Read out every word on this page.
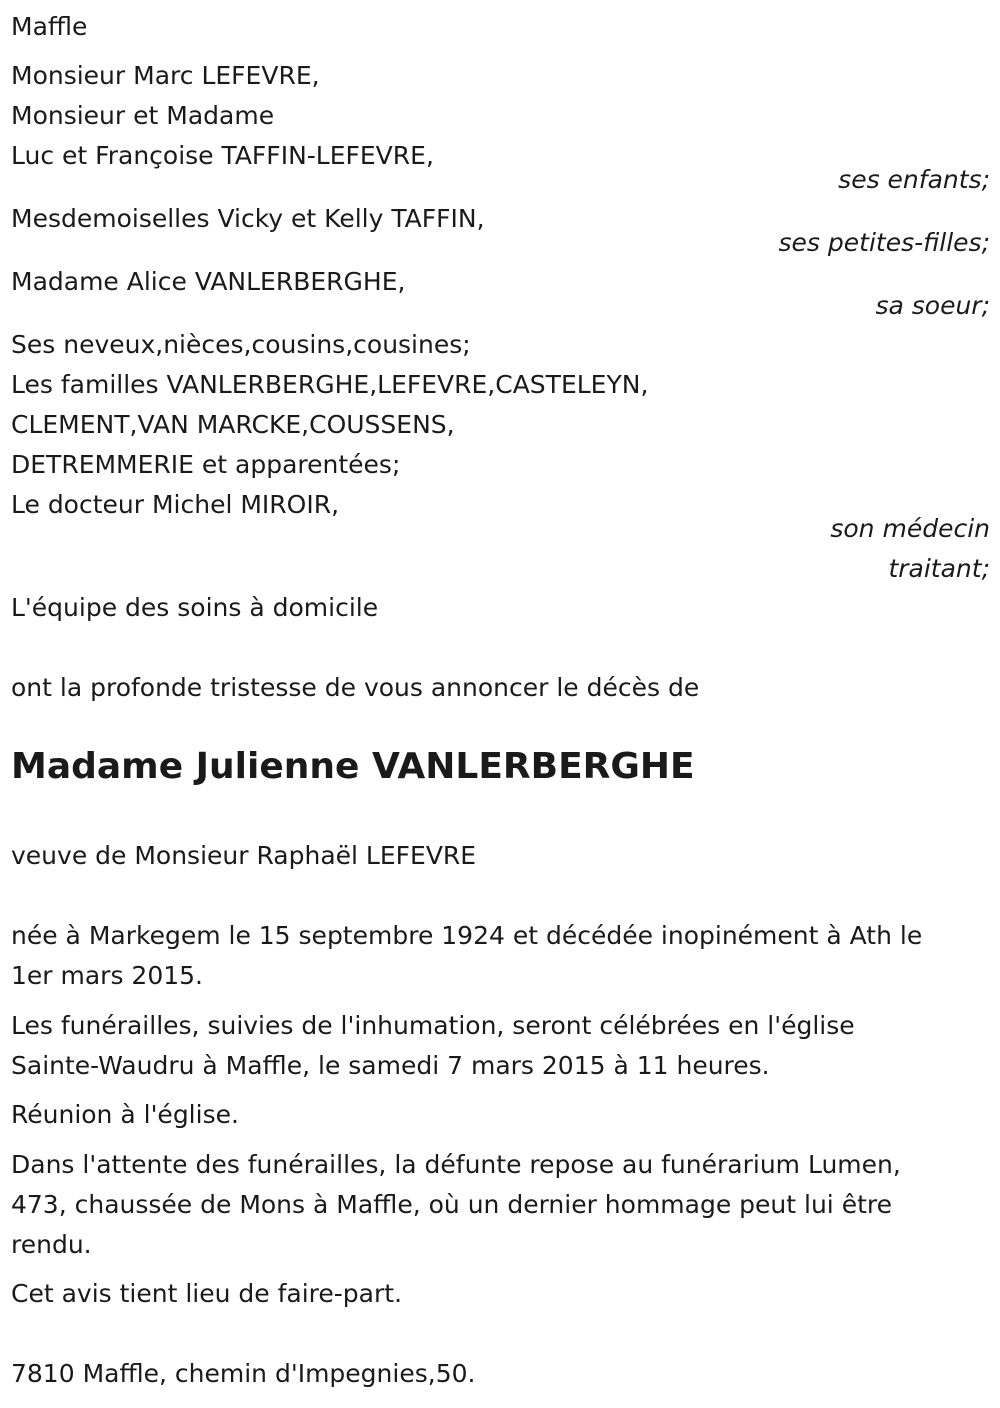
Maffle
Monsieur Marc LEFEVRE,
Monsieur et Madame
Luc et Françoise TAFFIN-LEFEVRE,
ses enfants;
Mesdemoiselles Vicky et Kelly TAFFIN,
ses petites-filles;
Madame Alice VANLERBERGHE,
sa soeur;
Ses neveux,nièces,cousins,cousines;
Les familles VANLERBERGHE,LEFEVRE,CASTELEYN,
CLEMENT,VAN MARCKE,COUSSENS,
DETREMMERIE et apparentées;
Le docteur Michel MIROIR,
son médecin
traitant;
L'équipe des soins à domicile
ont la profonde tristesse de vous annoncer le décès de
Madame Julienne VANLERBERGHE
veuve de Monsieur Raphaël LEFEVRE
née à Markegem le 15 septembre 1924 et décédée inopinément à Ath le
1er mars 2015.
Les funérailles, suivies de l'inhumation, seront célébrées en l'église
Sainte-Waudru à Maffle, le samedi 7 mars 2015 à 11 heures.
Réunion à l'église.
Dans l'attente des funérailles, la défunte repose au funérarium Lumen,
473, chaussée de Mons à Maffle, où un dernier hommage peut lui être
rendu.
Cet avis tient lieu de faire-part.
7810 Maffle, chemin d'Impegnies,50.
